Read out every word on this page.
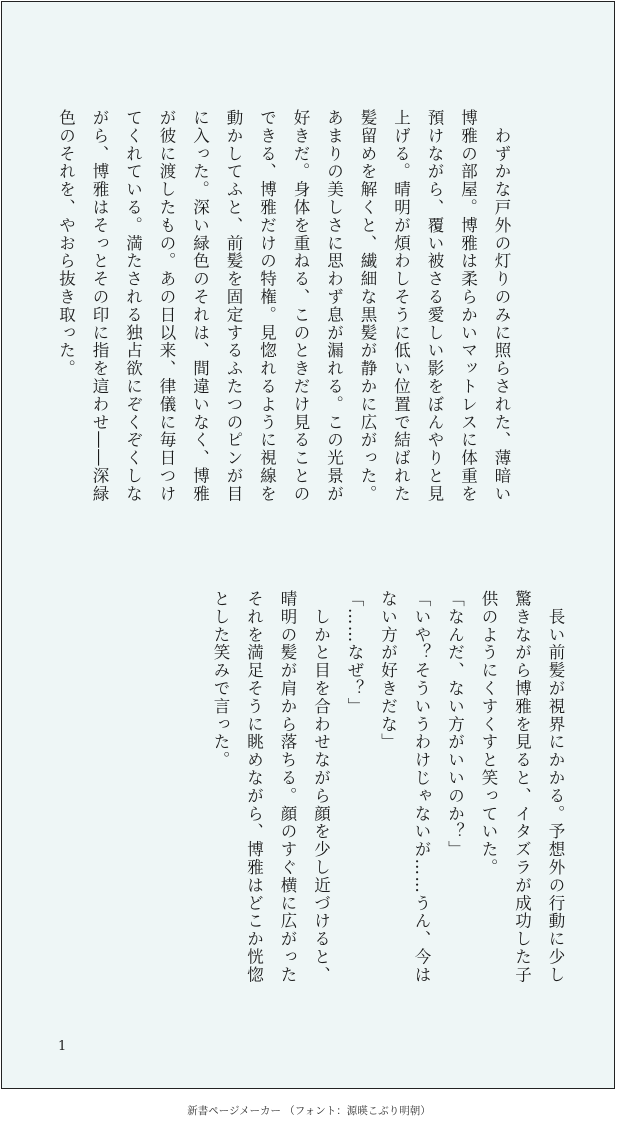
　わずかな戸外の灯りのみに照らされた、薄暗い

博雅の部屋。博雅は柔らかいマットレスに体重を

預けながら、覆い被さる愛しい影をぼんやりと見

上げる。晴明が煩わしそうに低い位置で結ばれた

髪留めを解くと、繊細な黒髪が静かに広がった。

あまりの美しさに思わず息が漏れる。この光景が

好きだ。身体を重ねる、このときだけ見ることの

できる、博雅だけの特権。見惚れるように視線を

動かしてふと、前髪を固定するふたつのピンが目

に入った。深い緑色のそれは、間違いなく、博雅

が彼に渡したもの。あの日以来、律儀に毎日つけ

てくれている。満たされる独占欲にぞくぞくしな

がら、博雅はそっとその印に指を這わせ――深緑

色のそれを、やおら抜き取った。

　長い前髪が視界にかかる。予想外の行動に少し

驚きながら博雅を見ると、イタズラが成功した子

供のようにくすくすと笑っていた。

「なんだ、ない方がいいのか？」

「いや？そういうわけじゃないが……うん、今は

ない方が好きだな」

「……なぜ？」

　しかと目を合わせながら顔を少し近づけると、

晴明の髪が肩から落ちる。顔のすぐ横に広がった

それを満足そうに眺めながら、博雅はどこか恍惚

とした笑みで言った。

1
新書ページメーカー （フォント：源暎こぶり明朝）
